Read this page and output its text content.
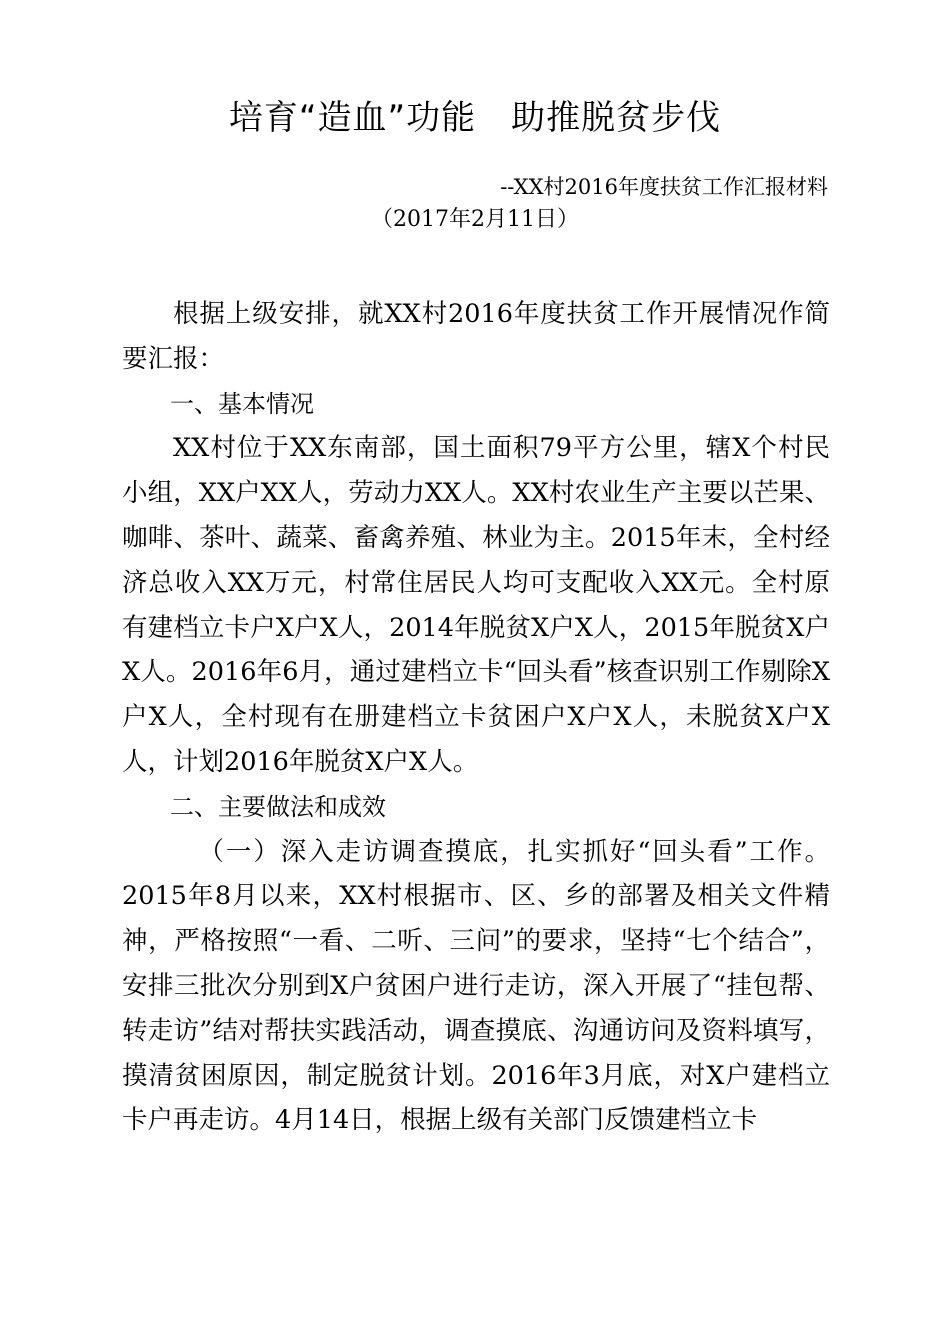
培育“造血”功能　助推脱贫步伐
--XX村2016年度扶贫工作汇报材料
（2017年2月11日）

根据上级安排，就XX村2016年度扶贫工作开展情况作简要汇报：

一、基本情况

XX村位于XX东南部，国土面积79平方公里，辖X个村民小组，XX户XX人，劳动力XX人。XX村农业生产主要以芒果、咖啡、茶叶、蔬菜、畜禽养殖、林业为主。2015年末，全村经济总收入XX万元，村常住居民人均可支配收入XX元。全村原有建档立卡户X户X人，2014年脱贫X户X人，2015年脱贫X户X人。2016年6月，通过建档立卡“回头看”核查识别工作剔除X户X人，全村现有在册建档立卡贫困户X户X人，未脱贫X户X人，计划2016年脱贫X户X人。

二、主要做法和成效

（一）深入走访调查摸底，扎实抓好“回头看”工作。2015年8月以来，XX村根据市、区、乡的部署及相关文件精神，严格按照“一看、二听、三问”的要求，坚持“七个结合”，安排三批次分别到X户贫困户进行走访，深入开展了“挂包帮、转走访”结对帮扶实践活动，调查摸底、沟通访问及资料填写，摸清贫困原因，制定脱贫计划。2016年3月底，对X户建档立卡户再走访。4月14日，根据上级有关部门反馈建档立卡
